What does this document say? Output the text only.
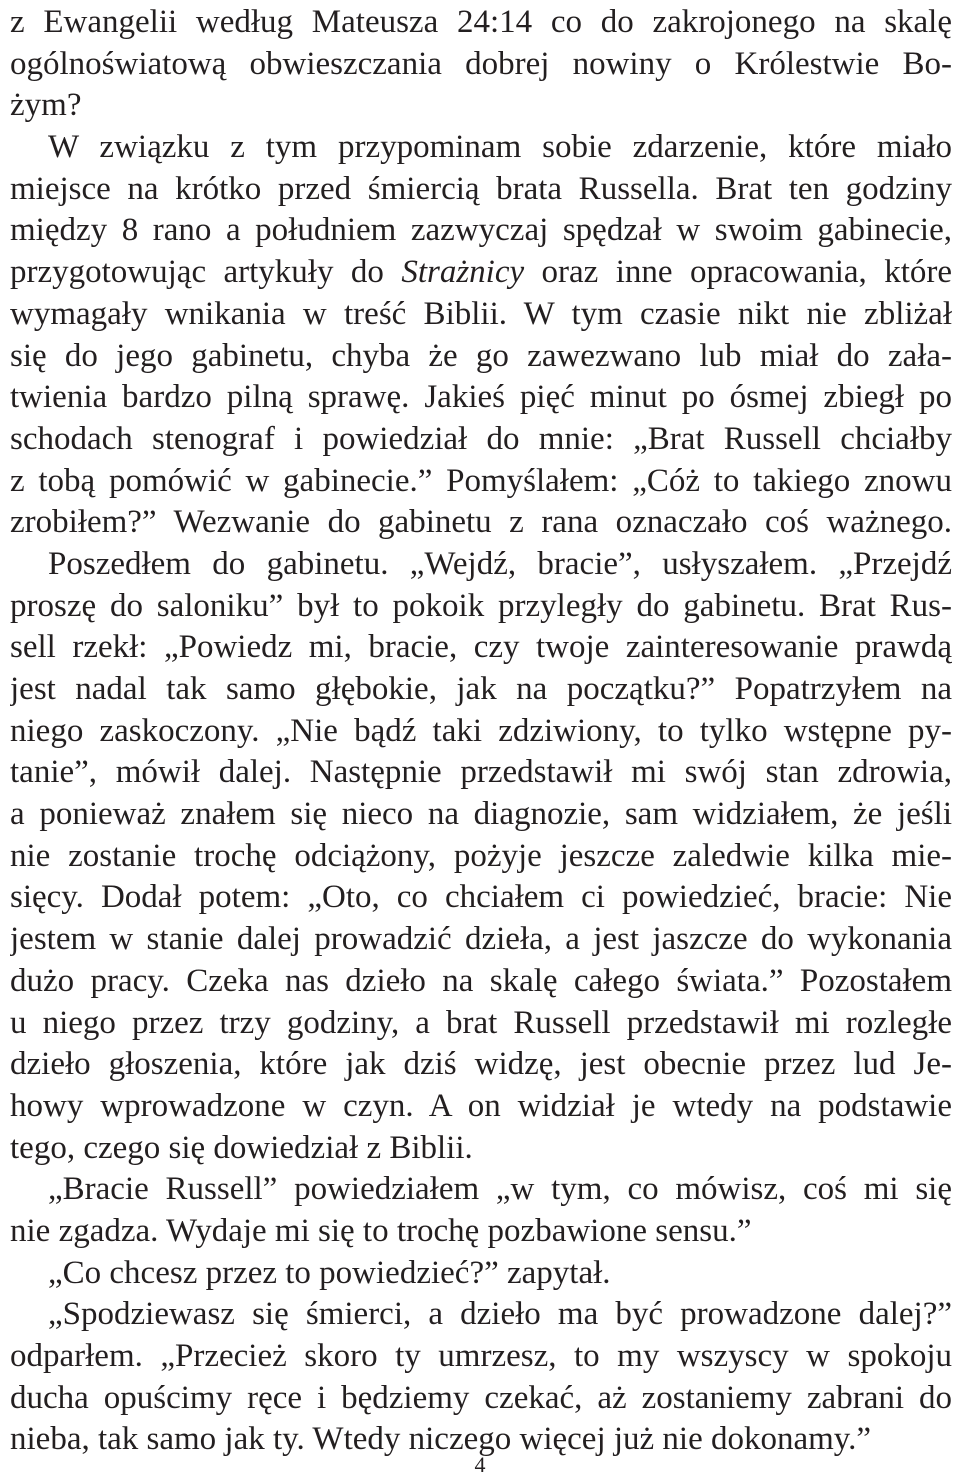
z Ewangelii według Mateusza 24:14 co do zakrojonego na skalę
ogólnoświatową obwieszczania dobrej nowiny o Królestwie Bo-
żym?
W związku z tym przypominam sobie zdarzenie, które miało
miejsce na krótko przed śmiercią brata Russella. Brat ten godziny
między 8 rano a południem zazwyczaj spędzał w swoim gabinecie,
przygotowując artykuły do Strażnicy oraz inne opracowania, które
wymagały wnikania w treść Biblii. W tym czasie nikt nie zbliżał
się do jego gabinetu, chyba że go zawezwano lub miał do zała-
twienia bardzo pilną sprawę. Jakieś pięć minut po ósmej zbiegł po
schodach stenograf i powiedział do mnie: „Brat Russell chciałby
z tobą pomówić w gabinecie.” Pomyślałem: „Cóż to takiego znowu
zrobiłem?” Wezwanie do gabinetu z rana oznaczało coś ważnego.
Poszedłem do gabinetu. „Wejdź, bracie”, usłyszałem. „Przejdź
proszę do saloniku” był to pokoik przyległy do gabinetu. Brat Rus-
sell rzekł: „Powiedz mi, bracie, czy twoje zainteresowanie prawdą
jest nadal tak samo głębokie, jak na początku?” Popatrzyłem na
niego zaskoczony. „Nie bądź taki zdziwiony, to tylko wstępne py-
tanie”, mówił dalej. Następnie przedstawił mi swój stan zdrowia,
a ponieważ znałem się nieco na diagnozie, sam widziałem, że jeśli
nie zostanie trochę odciążony, pożyje jeszcze zaledwie kilka mie-
sięcy. Dodał potem: „Oto, co chciałem ci powiedzieć, bracie: Nie
jestem w stanie dalej prowadzić dzieła, a jest jaszcze do wykonania
dużo pracy. Czeka nas dzieło na skalę całego świata.” Pozostałem
u niego przez trzy godziny, a brat Russell przedstawił mi rozległe
dzieło głoszenia, które jak dziś widzę, jest obecnie przez lud Je-
howy wprowadzone w czyn. A on widział je wtedy na podstawie
tego, czego się dowiedział z Biblii.
„Bracie Russell” powiedziałem „w tym, co mówisz, coś mi się
nie zgadza. Wydaje mi się to trochę pozbawione sensu.”
„Co chcesz przez to powiedzieć?” zapytał.
„Spodziewasz się śmierci, a dzieło ma być prowadzone dalej?”
odparłem. „Przecież skoro ty umrzesz, to my wszyscy w spokoju
ducha opuścimy ręce i będziemy czekać, aż zostaniemy zabrani do
nieba, tak samo jak ty. Wtedy niczego więcej już nie dokonamy.”
4
